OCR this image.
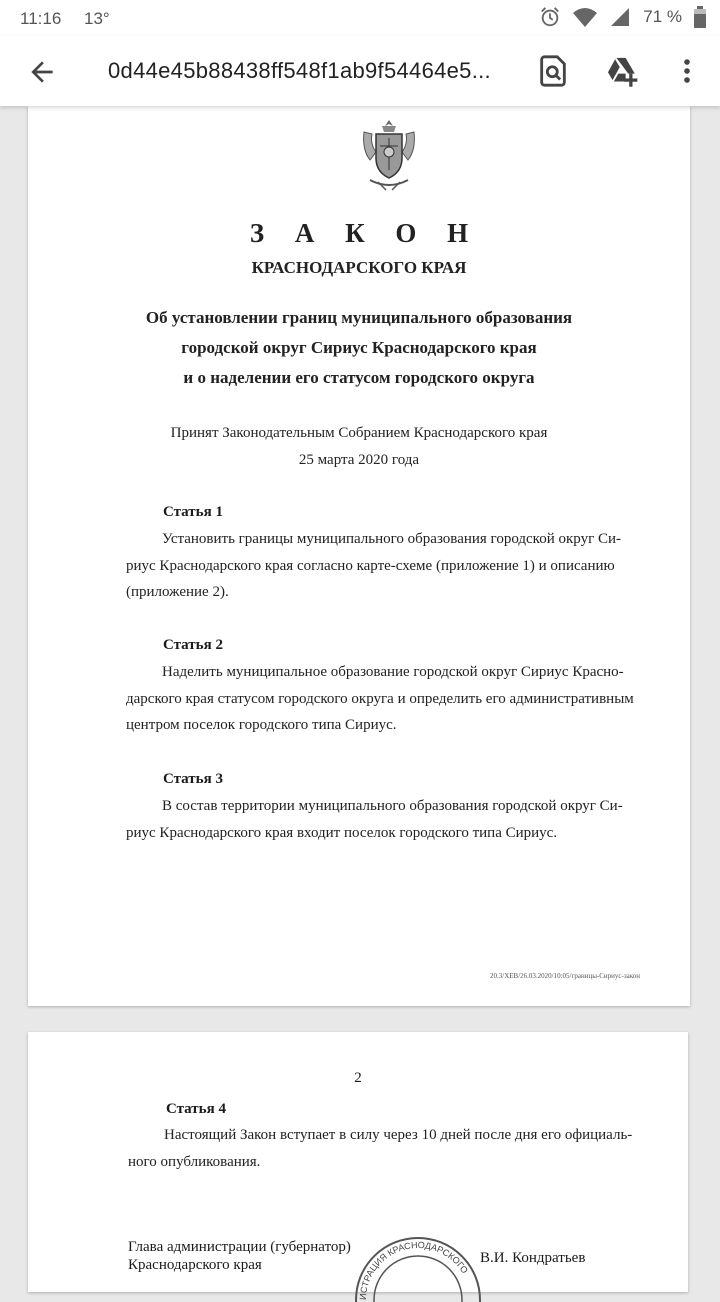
11:16 13°	71 %
0d44e45b88438ff548f1ab9f54464e5...
З А К О Н
КРАСНОДАРСКОГО КРАЯ
Об установлении границ муниципального образования
городской округ Сириус Краснодарского края
и о наделении его статусом городского округа
Принят Законодательным Собранием Краснодарского края
25 марта 2020 года
Статья 1
Установить границы муниципального образования городской округ Си-
риус Краснодарского края согласно карте-схеме (приложение 1) и описанию
(приложение 2).
Статья 2
Наделить муниципальное образование городской округ Сириус Красно-
дарского края статусом городского округа и определить его административным
центром поселок городского типа Сириус.
Статья 3
В состав территории муниципального образования городской округ Си-
риус Краснодарского края входит поселок городского типа Сириус.
20.3/ХЕВ/26.03.2020/10:05/границы-Сириус-закон
2
Статья 4
Настоящий Закон вступает в силу через 10 дней после дня его официаль-
ного опубликования.
Глава администрации (губернатор)
Краснодарского края
ИСТРАЦИЯ КРАСНОДАРСКОГО
В.И. Кондратьев
